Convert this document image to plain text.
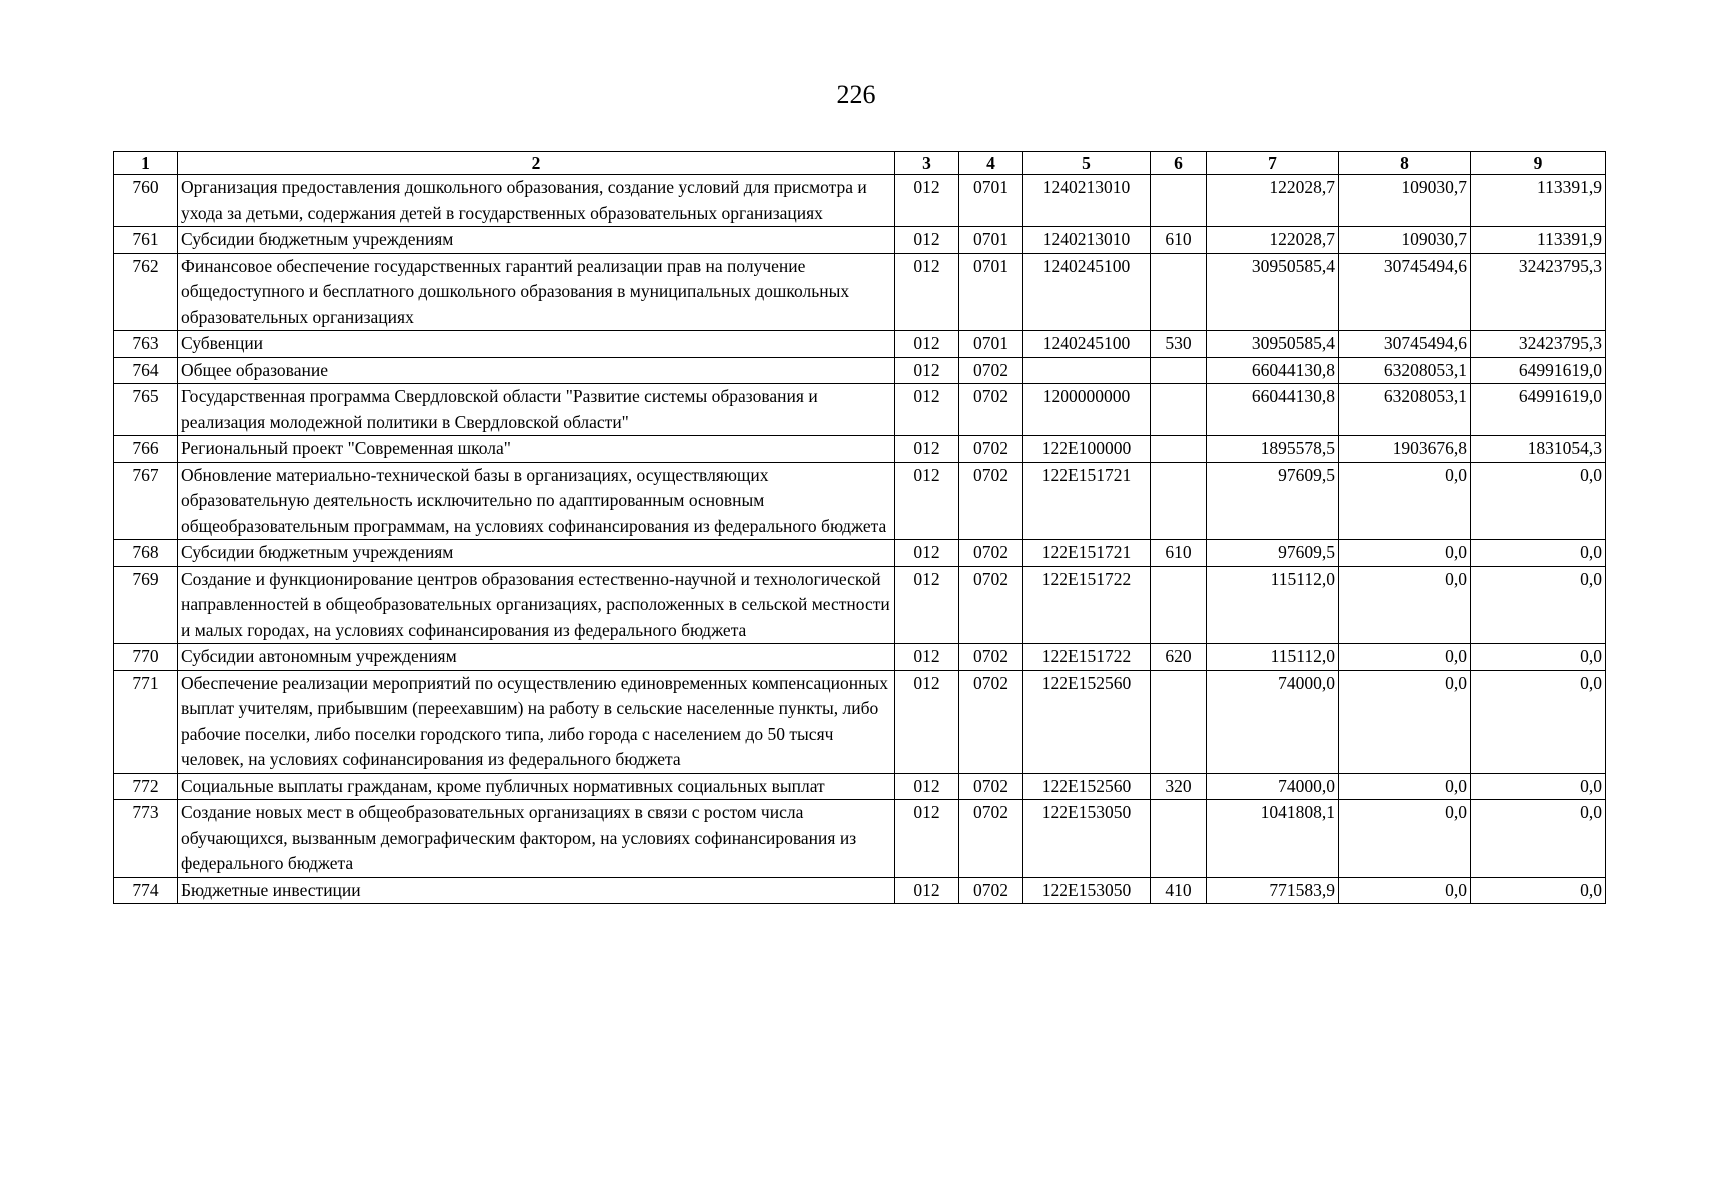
226
1	2	3	4	5	6	7	8	9
760	Организация предоставления дошкольного образования, создание условий для присмотра и ухода за детьми, содержания детей в государственных образовательных организациях	012	0701	1240213010		122028,7	109030,7	113391,9
761	Субсидии бюджетным учреждениям	012	0701	1240213010	610	122028,7	109030,7	113391,9
762	Финансовое обеспечение государственных гарантий реализации прав на получение общедоступного и бесплатного дошкольного образования в муниципальных дошкольных образовательных организациях	012	0701	1240245100		30950585,4	30745494,6	32423795,3
763	Субвенции	012	0701	1240245100	530	30950585,4	30745494,6	32423795,3
764	Общее образование	012	0702			66044130,8	63208053,1	64991619,0
765	Государственная программа Свердловской области "Развитие системы образования и реализация молодежной политики в Свердловской области"	012	0702	1200000000		66044130,8	63208053,1	64991619,0
766	Региональный проект "Современная школа"	012	0702	122E100000		1895578,5	1903676,8	1831054,3
767	Обновление материально-технической базы в организациях, осуществляющих образовательную деятельность исключительно по адаптированным основным общеобразовательным программам, на условиях софинансирования из федерального бюджета	012	0702	122E151721		97609,5	0,0	0,0
768	Субсидии бюджетным учреждениям	012	0702	122E151721	610	97609,5	0,0	0,0
769	Создание и функционирование центров образования естественно-научной и технологической направленностей в общеобразовательных организациях, расположенных в сельской местности и малых городах, на условиях софинансирования из федерального бюджета	012	0702	122E151722		115112,0	0,0	0,0
770	Субсидии автономным учреждениям	012	0702	122E151722	620	115112,0	0,0	0,0
771	Обеспечение реализации мероприятий по осуществлению единовременных компенсационных выплат учителям, прибывшим (переехавшим) на работу в сельские населенные пункты, либо рабочие поселки, либо поселки городского типа, либо города с населением до 50 тысяч человек, на условиях софинансирования из федерального бюджета	012	0702	122E152560		74000,0	0,0	0,0
772	Социальные выплаты гражданам, кроме публичных нормативных социальных выплат	012	0702	122E152560	320	74000,0	0,0	0,0
773	Создание новых мест в общеобразовательных организациях в связи с ростом числа обучающихся, вызванным демографическим фактором, на условиях софинансирования из федерального бюджета	012	0702	122E153050		1041808,1	0,0	0,0
774	Бюджетные инвестиции	012	0702	122E153050	410	771583,9	0,0	0,0
